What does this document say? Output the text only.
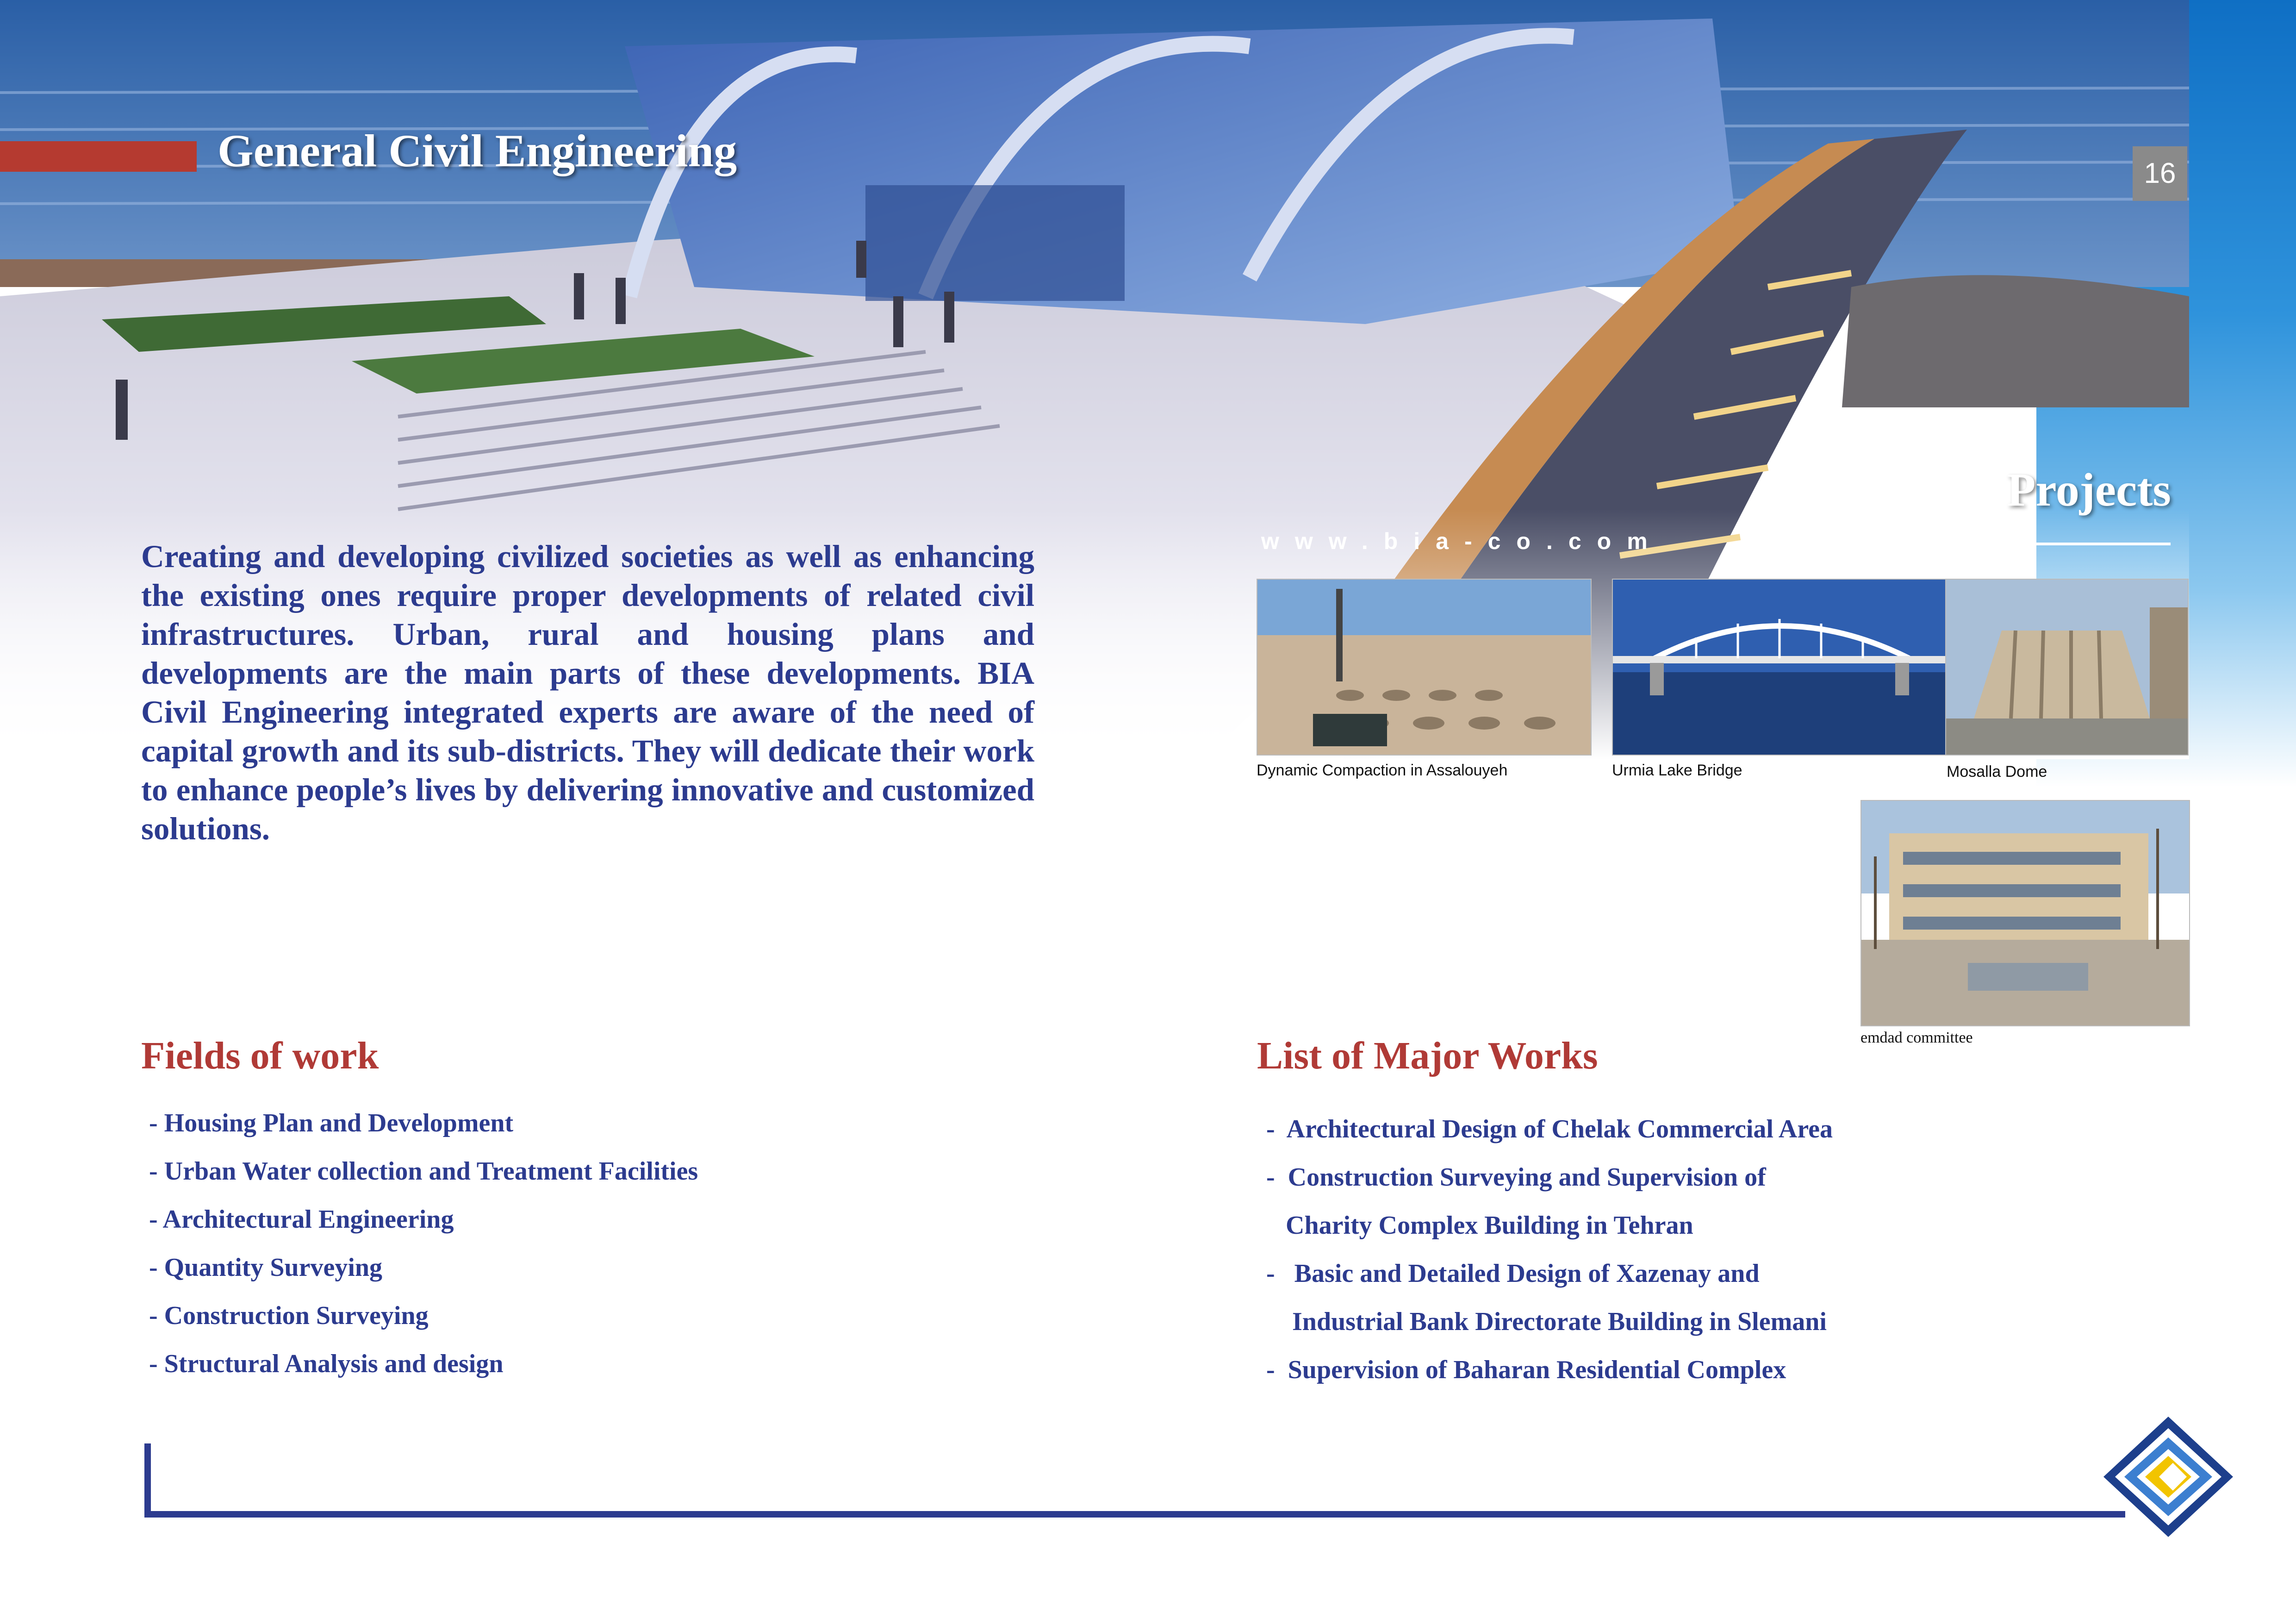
General Civil Engineering	16
Projects
www.bia-co.com

Creating and developing civilized societies as well as enhancing the existing ones require proper developments of related civil infrastructures. Urban, rural and housing plans and developments are the main parts of these developments. BIA Civil Engineering integrated experts are aware of the need of capital growth and its sub-districts. They will dedicate their work to enhance people’s lives by delivering innovative and customized solutions.

Dynamic Compaction in Assalouyeh	Urmia Lake Bridge	Mosalla Dome
emdad committee
Fields of work
- Housing Plan and Development
- Urban Water collection and Treatment Facilities
- Architectural Engineering
- Quantity Surveying
- Construction Surveying
- Structural Analysis and design
List of Major Works
-  Architectural Design of Chelak Commercial Area
-  Construction Surveying and Supervision of
Charity Complex Building in Tehran
-   Basic and Detailed Design of Xazenay and
Industrial Bank Directorate Building in Slemani
-  Supervision of Baharan Residential Complex
